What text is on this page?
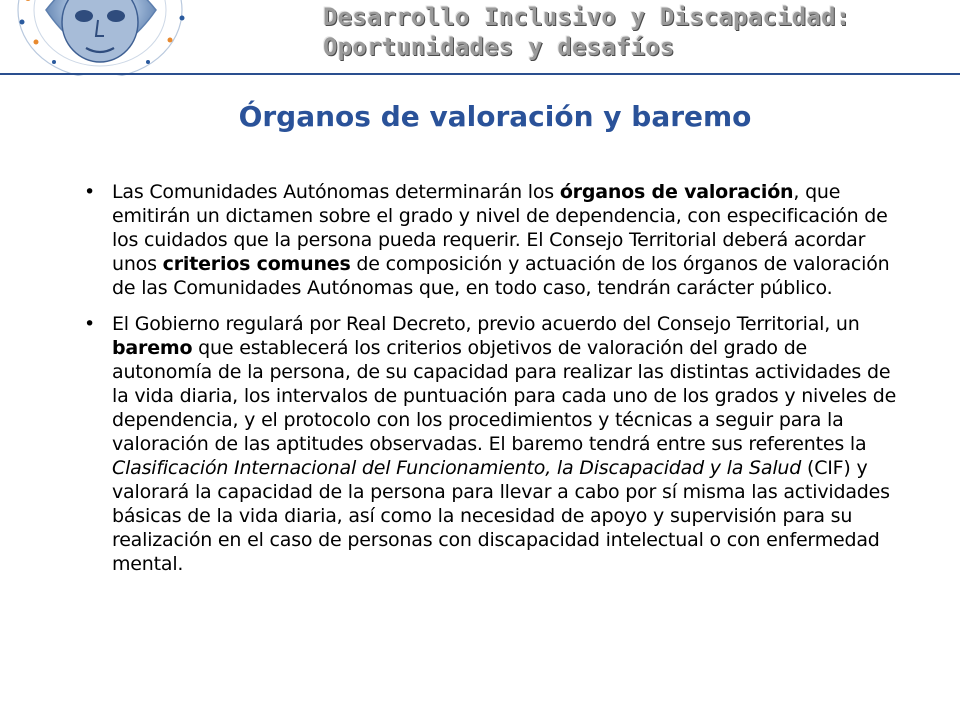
Desarrollo Inclusivo y Discapacidad:
Oportunidades y desafíos
Órganos de valoración y baremo
• Las Comunidades Autónomas determinarán los órganos de valoración, que emitirán un dictamen sobre el grado y nivel de dependencia, con especificación de los cuidados que la persona pueda requerir. El Consejo Territorial deberá acordar unos criterios comunes de composición y actuación de los órganos de valoración de las Comunidades Autónomas que, en todo caso, tendrán carácter público.
• El Gobierno regulará por Real Decreto, previo acuerdo del Consejo Territorial, un baremo que establecerá los criterios objetivos de valoración del grado de autonomía de la persona, de su capacidad para realizar las distintas actividades de la vida diaria, los intervalos de puntuación para cada uno de los grados y niveles de dependencia, y el protocolo con los procedimientos y técnicas a seguir para la valoración de las aptitudes observadas. El baremo tendrá entre sus referentes la Clasificación Internacional del Funcionamiento, la Discapacidad y la Salud (CIF) y valorará la capacidad de la persona para llevar a cabo por sí misma las actividades básicas de la vida diaria, así como la necesidad de apoyo y supervisión para su realización en el caso de personas con discapacidad intelectual o con enfermedad mental.
